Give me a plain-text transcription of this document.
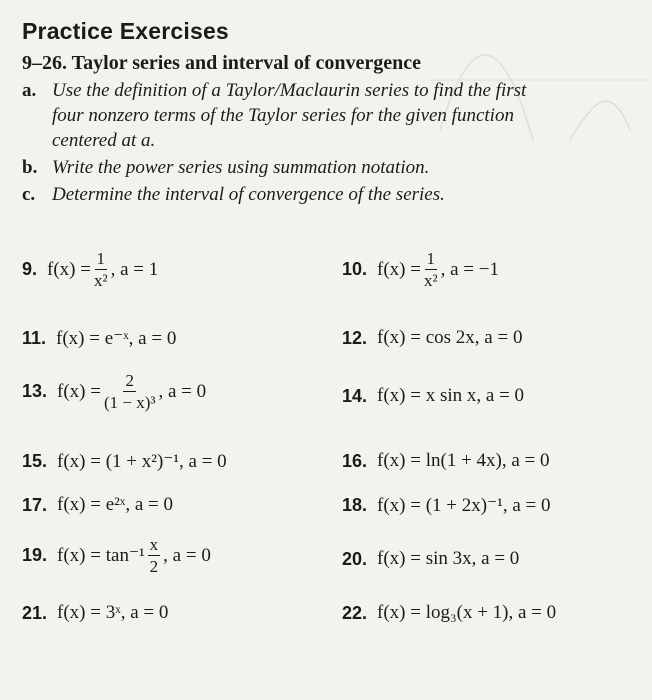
Practice Exercises
9–26. Taylor series and interval of convergence
a. Use the definition of a Taylor/Maclaurin series to find the first
four nonzero terms of the Taylor series for the given function
centered at a.
b. Write the power series using summation notation.
c. Determine the interval of convergence of the series.
9. $f(x) = \frac{1}{\text{x²}}$ , a = 1	10. $f(x) = \frac{1}{\text{x²}}$ , a = −1
11. f(x) = e⁻ˣ, a = 0	12. f(x) = cos 2x, a = 0
13. $f(x) = \frac{2}{\text{(1 − x)³}}$ , a = 0	14. f(x) = x sin x, a = 0
15. f(x) = (1 + x²)⁻¹, a = 0	16. f(x) = ln(1 + 4x), a = 0
17. f(x) = e²ˣ, a = 0	18. f(x) = (1 + 2x)⁻¹, a = 0
19. $f(x) = \tan^{-1} \frac{x}{2}$ , a = 0	20. f(x) = sin 3x, a = 0
21. f(x) = 3ˣ, a = 0	22. f(x) = log₃(x + 1), a = 0
